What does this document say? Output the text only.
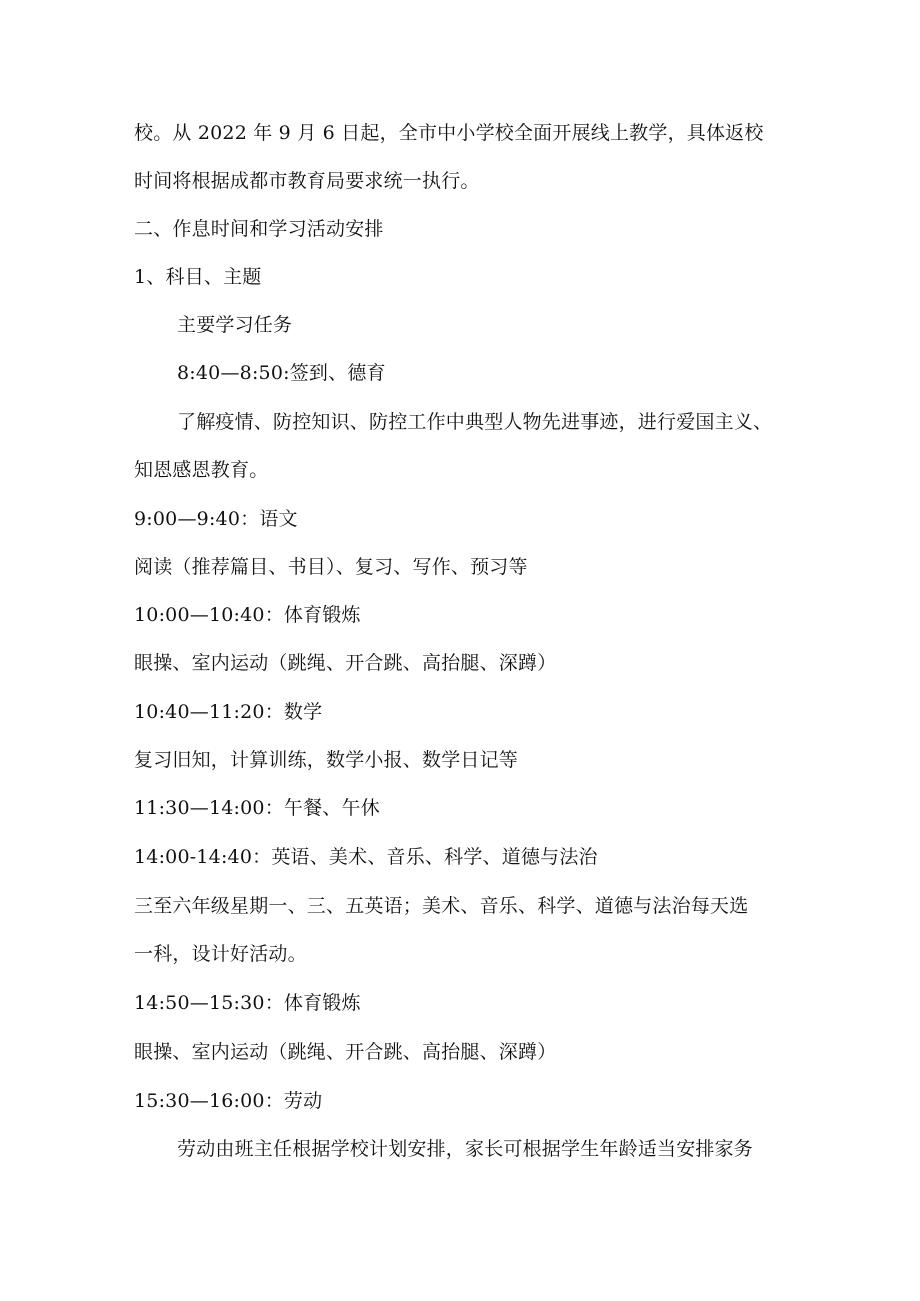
校。从 2022 年 9 月 6 日起，全市中小学校全面开展线上教学，具体返校
时间将根据成都市教育局要求统一执行。
二、作息时间和学习活动安排
1、科目、主题
主要学习任务
8:40—8:50:签到、德育
了解疫情、防控知识、防控工作中典型人物先进事迹，进行爱国主义、
知恩感恩教育。
9:00—9:40：语文
阅读（推荐篇目、书目）、复习、写作、预习等
10:00—10:40：体育锻炼
眼操、室内运动（跳绳、开合跳、高抬腿、深蹲）
10:40—11:20：数学
复习旧知，计算训练，数学小报、数学日记等
11:30—14:00：午餐、午休
14:00-14:40：英语、美术、音乐、科学、道德与法治
三至六年级星期一、三、五英语；美术、音乐、科学、道德与法治每天选
一科，设计好活动。
14:50—15:30：体育锻炼
眼操、室内运动（跳绳、开合跳、高抬腿、深蹲）
15:30—16:00：劳动
劳动由班主任根据学校计划安排，家长可根据学生年龄适当安排家务
